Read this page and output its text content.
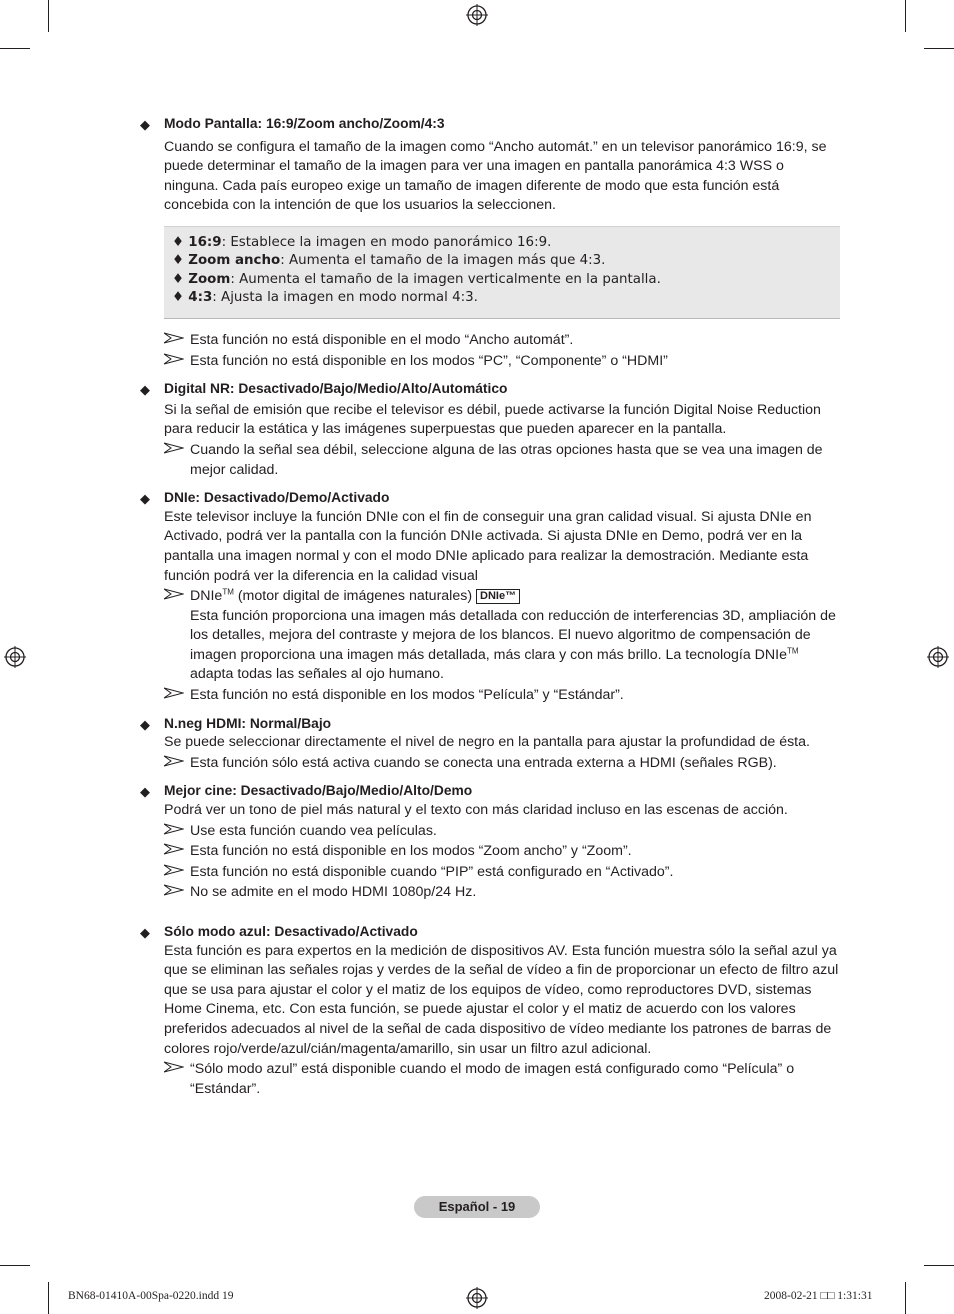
◆ Modo Pantalla: 16:9/Zoom ancho/Zoom/4:3

Cuando se configura el tamaño de la imagen como “Ancho automát.” en un televisor panorámico 16:9, se puede determinar el tamaño de la imagen para ver una imagen en pantalla panorámica 4:3 WSS o ninguna. Cada país europeo exige un tamaño de imagen diferente de modo que esta función está concebida con la intención de que los usuarios la seleccionen.

♦ 16:9: Establece la imagen en modo panorámico 16:9.
♦ Zoom ancho: Aumenta el tamaño de la imagen más que 4:3.
♦ Zoom: Aumenta el tamaño de la imagen verticalmente en la pantalla.
♦ 4:3: Ajusta la imagen en modo normal 4:3.
Esta función no está disponible en el modo “Ancho automát”.
Esta función no está disponible en los modos “PC”, “Componente” o “HDMI”
◆ Digital NR: Desactivado/Bajo/Medio/Alto/Automático

Si la señal de emisión que recibe el televisor es débil, puede activarse la función Digital Noise Reduction para reducir la estática y las imágenes superpuestas que pueden aparecer en la pantalla.

Cuando la señal sea débil, seleccione alguna de las otras opciones hasta que se vea una imagen de mejor calidad.
◆ DNIe: Desactivado/Demo/Activado

Este televisor incluye la función DNIe con el fin de conseguir una gran calidad visual. Si ajusta DNIe en Activado, podrá ver la pantalla con la función DNIe activada. Si ajusta DNIe en Demo, podrá ver en la pantalla una imagen normal y con el modo DNIe aplicado para realizar la demostración. Mediante esta función podrá ver la diferencia en la calidad visual

DNIe™ (motor digital de imágenes naturales) DNIe™
Esta función proporciona una imagen más detallada con reducción de interferencias 3D, ampliación de los detalles, mejora del contraste y mejora de los blancos. El nuevo algoritmo de compensación de imagen proporciona una imagen más detallada, más clara y con más brillo. La tecnología DNIe™ adapta todas las señales al ojo humano.
Esta función no está disponible en los modos “Película” y “Estándar”.
◆ N.neg HDMI: Normal/Bajo

Se puede seleccionar directamente el nivel de negro en la pantalla para ajustar la profundidad de ésta.

Esta función sólo está activa cuando se conecta una entrada externa a HDMI (señales RGB).
◆ Mejor cine: Desactivado/Bajo/Medio/Alto/Demo

Podrá ver un tono de piel más natural y el texto con más claridad incluso en las escenas de acción.

Use esta función cuando vea películas.
Esta función no está disponible en los modos “Zoom ancho” y “Zoom”.
Esta función no está disponible cuando “PIP” está configurado en “Activado”.
No se admite en el modo HDMI 1080p/24 Hz.
◆ Sólo modo azul: Desactivado/Activado

Esta función es para expertos en la medición de dispositivos AV. Esta función muestra sólo la señal azul ya que se eliminan las señales rojas y verdes de la señal de vídeo a fin de proporcionar un efecto de filtro azul que se usa para ajustar el color y el matiz de los equipos de vídeo, como reproductores DVD, sistemas Home Cinema, etc. Con esta función, se puede ajustar el color y el matiz de acuerdo con los valores preferidos adecuados al nivel de la señal de cada dispositivo de vídeo mediante los patrones de barras de colores rojo/verde/azul/cián/magenta/amarillo, sin usar un filtro azul adicional.

“Sólo modo azul” está disponible cuando el modo de imagen está configurado como “Película” o “Estándar”.
Español - 19
BN68-01410A-00Spa-0220.indd 19	2008-02-21 □□ 1:31:31
